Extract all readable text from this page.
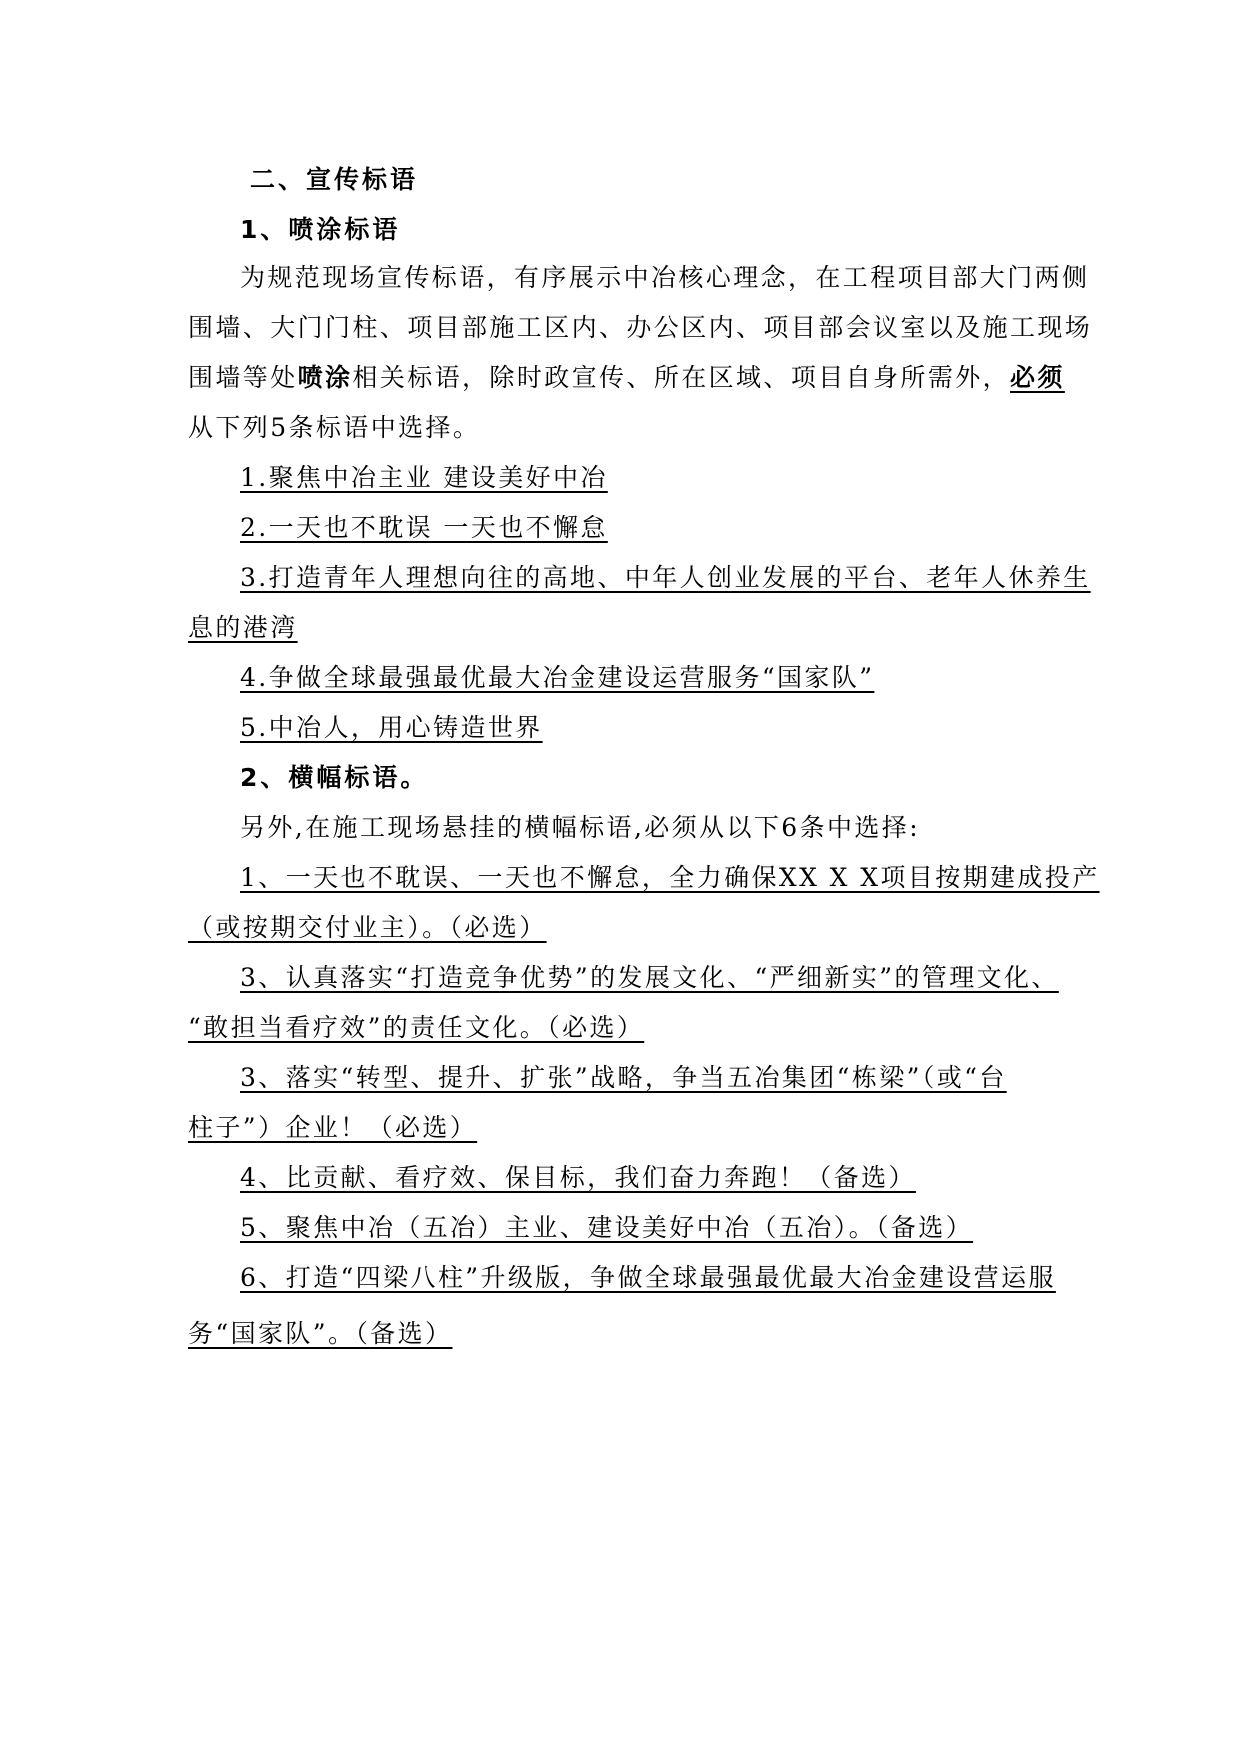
二、宣传标语
1、喷涂标语
为规范现场宣传标语，有序展示中冶核心理念，在工程项目部大门两侧
围墙、大门门柱、项目部施工区内、办公区内、项目部会议室以及施工现场
围墙等处喷涂相关标语，除时政宣传、所在区域、项目自身所需外，必须
从下列5条标语中选择。
1.聚焦中冶主业 建设美好中冶
2.一天也不耽误 一天也不懈怠
3.打造青年人理想向往的高地、中年人创业发展的平台、老年人休养生
息的港湾
4.争做全球最强最优最大冶金建设运营服务“国家队”
5.中冶人，用心铸造世界
2、横幅标语。
另外,在施工现场悬挂的横幅标语,必须从以下6条中选择:
1、一天也不耽误、一天也不懈怠，全力确保XX X X项目按期建成投产
（或按期交付业主）。（必选）
3、认真落实“打造竞争优势”的发展文化、“严细新实”的管理文化、
“敢担当看疗效”的责任文化。（必选）
3、落实“转型、提升、扩张”战略，争当五冶集团“栋梁”（或“台
柱子”）企业！（必选）
4、比贡献、看疗效、保目标，我们奋力奔跑！（备选）
5、聚焦中冶（五冶）主业、建设美好中冶（五冶）。（备选）
6、打造“四梁八柱”升级版，争做全球最强最优最大冶金建设营运服
务“国家队”。（备选）
